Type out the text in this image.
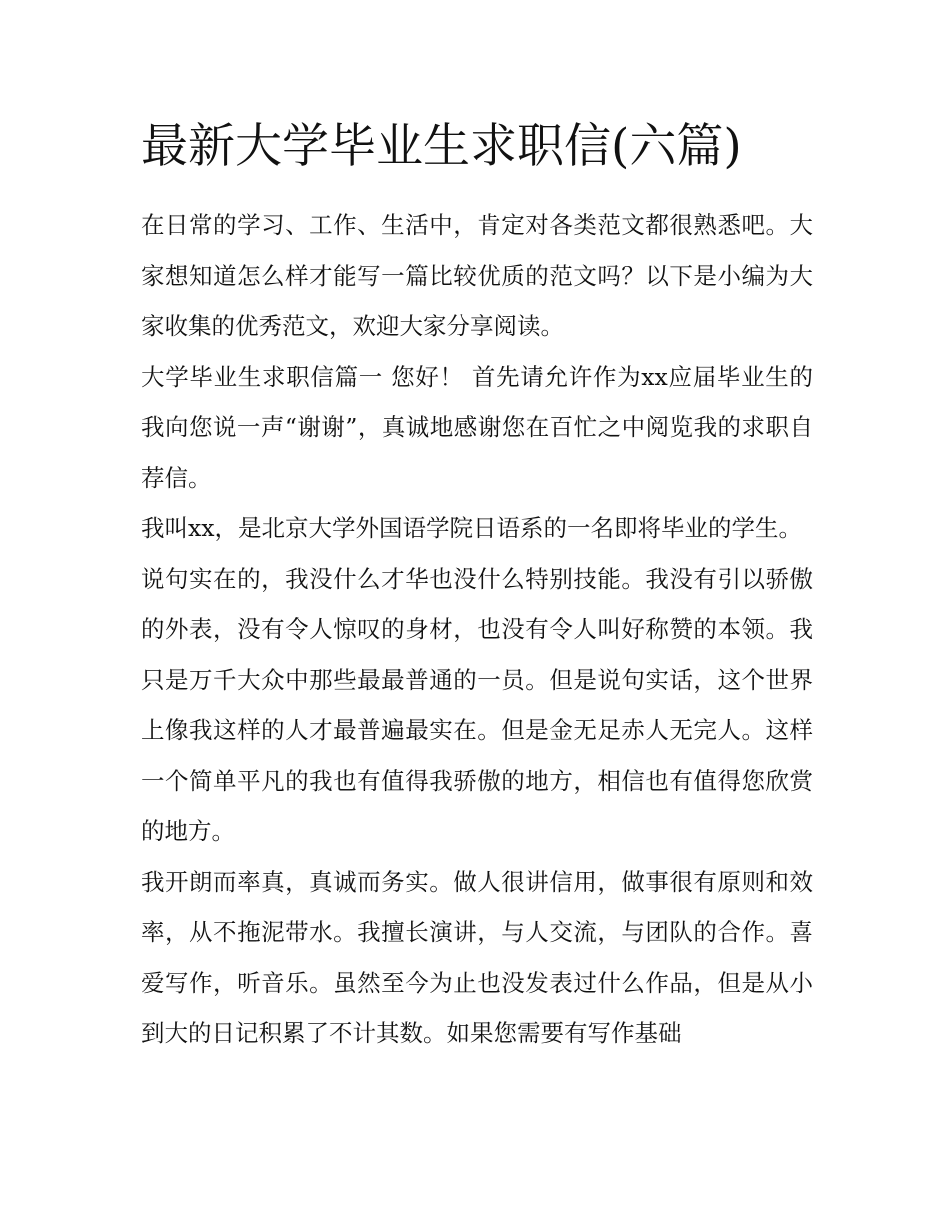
最新大学毕业生求职信(六篇)

在日常的学习、工作、生活中，肯定对各类范文都很熟悉吧。大家想知道怎么样才能写一篇比较优质的范文吗？以下是小编为大家收集的优秀范文，欢迎大家分享阅读。

大学毕业生求职信篇一 您好！ 首先请允许作为xx应届毕业生的我向您说一声“谢谢”，真诚地感谢您在百忙之中阅览我的求职自荐信。

我叫xx，是北京大学外国语学院日语系的一名即将毕业的学生。

说句实在的，我没什么才华也没什么特别技能。我没有引以骄傲的外表，没有令人惊叹的身材，也没有令人叫好称赞的本领。我只是万千大众中那些最最普通的一员。但是说句实话，这个世界上像我这样的人才最普遍最实在。但是金无足赤人无完人。这样一个简单平凡的我也有值得我骄傲的地方，相信也有值得您欣赏的地方。

我开朗而率真，真诚而务实。做人很讲信用，做事很有原则和效率，从不拖泥带水。我擅长演讲，与人交流，与团队的合作。喜爱写作，听音乐。虽然至今为止也没发表过什么作品，但是从小到大的日记积累了不计其数。如果您需要有写作基础
